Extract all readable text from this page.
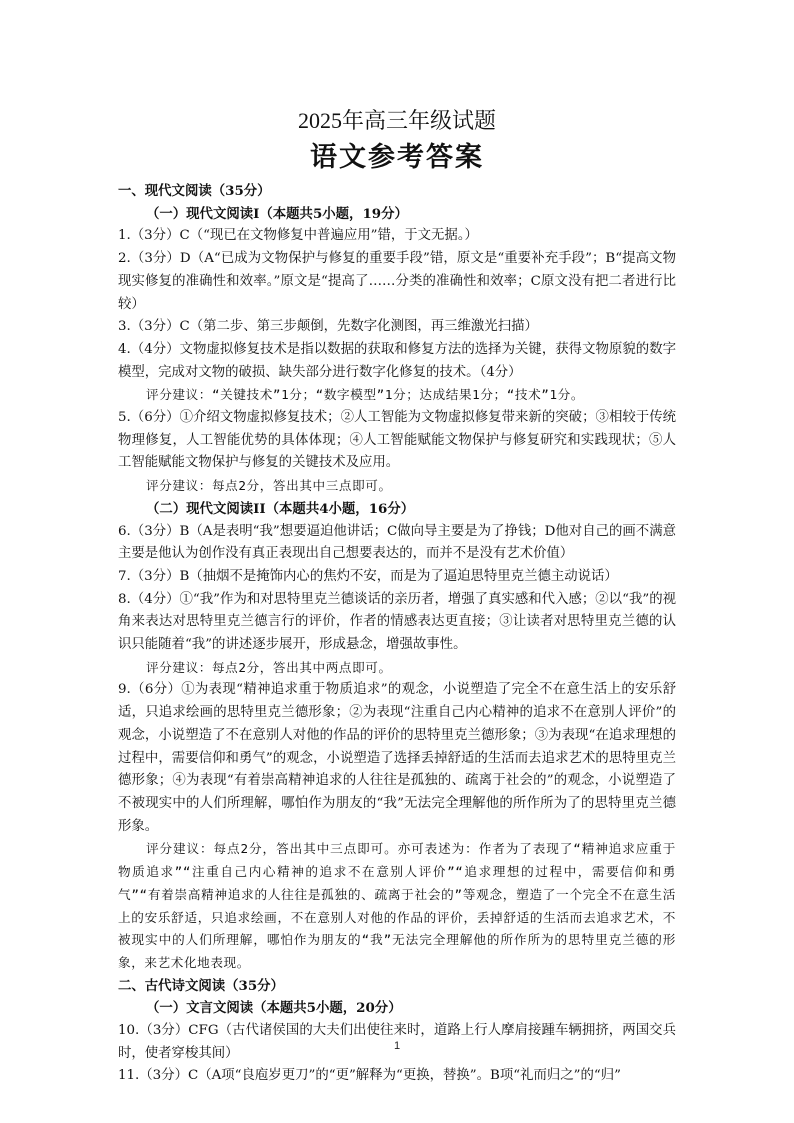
2025年高三年级试题
语文参考答案

一、现代文阅读（35分）

（一）现代文阅读I（本题共5小题，19分）

1.（3分）C（“现已在文物修复中普遍应用”错，于文无据。）

2.（3分）D（A“已成为文物保护与修复的重要手段”错，原文是“重要补充手段”；B“提高文物现实修复的准确性和效率。”原文是“提高了……分类的准确性和效率；C原文没有把二者进行比较）

3.（3分）C（第二步、第三步颠倒，先数字化测图，再三维激光扫描）

4.（4分）文物虚拟修复技术是指以数据的获取和修复方法的选择为关键，获得文物原貌的数字模型，完成对文物的破损、缺失部分进行数字化修复的技术。（4分）

评分建议：“关键技术”1分；“数字模型”1分；达成结果1分；“技术”1分。

5.（6分）①介绍文物虚拟修复技术；②人工智能为文物虚拟修复带来新的突破；③相较于传统物理修复，人工智能优势的具体体现；④人工智能赋能文物保护与修复研究和实践现状；⑤人工智能赋能文物保护与修复的关键技术及应用。

评分建议：每点2分，答出其中三点即可。

（二）现代文阅读II（本题共4小题，16分）

6.（3分）B（A是表明“我”想要逼迫他讲话；C做向导主要是为了挣钱；D他对自己的画不满意主要是他认为创作没有真正表现出自己想要表达的，而并不是没有艺术价值）

7.（3分）B（抽烟不是掩饰内心的焦灼不安，而是为了逼迫思特里克兰德主动说话）

8.（4分）①“我”作为和对思特里克兰德谈话的亲历者，增强了真实感和代入感；②以“我”的视角来表达对思特里克兰德言行的评价，作者的情感表达更直接；③让读者对思特里克兰德的认识只能随着“我”的讲述逐步展开，形成悬念，增强故事性。

评分建议：每点2分，答出其中两点即可。

9.（6分）①为表现“精神追求重于物质追求”的观念，小说塑造了完全不在意生活上的安乐舒适，只追求绘画的思特里克兰德形象；②为表现“注重自己内心精神的追求不在意别人评价”的观念，小说塑造了不在意别人对他的作品的评价的思特里克兰德形象；③为表现“在追求理想的过程中，需要信仰和勇气”的观念，小说塑造了选择丢掉舒适的生活而去追求艺术的思特里克兰德形象；④为表现“有着崇高精神追求的人往往是孤独的、疏离于社会的”的观念，小说塑造了不被现实中的人们所理解，哪怕作为朋友的“我”无法完全理解他的所作所为了的思特里克兰德形象。

评分建议：每点2分，答出其中三点即可。亦可表述为：作者为了表现了“精神追求应重于物质追求”“注重自己内心精神的追求不在意别人评价”“追求理想的过程中，需要信仰和勇气”“有着崇高精神追求的人往往是孤独的、疏离于社会的”等观念，塑造了一个完全不在意生活上的安乐舒适，只追求绘画，不在意别人对他的作品的评价，丢掉舒适的生活而去追求艺术，不被现实中的人们所理解，哪怕作为朋友的“我”无法完全理解他的所作所为的思特里克兰德的形象，来艺术化地表现。

二、古代诗文阅读（35分）

（一）文言文阅读（本题共5小题，20分）

10.（3分）CFG（古代诸侯国的大夫们出使往来时，道路上行人摩肩接踵车辆拥挤，两国交兵时，使者穿梭其间）

11.（3分）C（A项“良庖岁更刀”的“更”解释为“更换，替换”。B项“礼而归之”的“归”

1
